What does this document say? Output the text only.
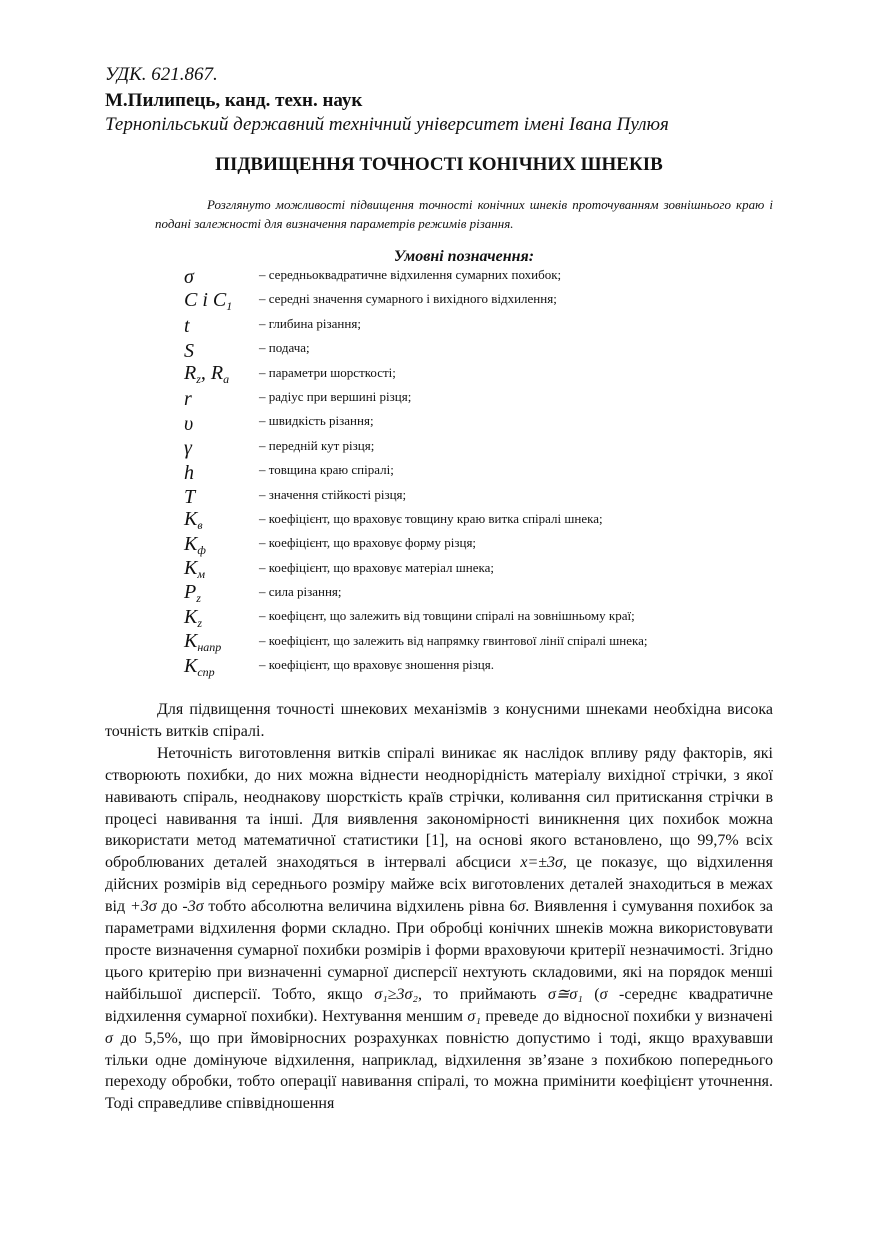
УДК. 621.867.
М.Пилипець, канд. техн. наук
Тернопільський державний технічний університет імені Івана Пулюя
ПІДВИЩЕННЯ ТОЧНОСТІ КОНІЧНИХ ШНЕКІВ
Розглянуто можливості підвищення точності конічних шнеків проточуванням зовнішнього краю і подані залежності для визначення параметрів режимів різання.
Умовні позначення:
σ	– середньоквадратичне відхилення сумарних похибок;
C і $C_1$ – середні значення сумарного і вихідного відхилення;
t	– глибина різання;
S	– подача;
$R_z$, $R_a$ – параметри шорсткості;
r	– радіус при вершині різця;
υ	– швидкість різання;
γ	– передній кут різця;
h	– товщина краю спіралі;
T	– значення стійкості різця;
$K_в$	– коефіцієнт, що враховує товщину краю витка спіралі шнека;
$K_ф$	– коефіцієнт, що враховує форму різця;
$K_м$	– коефіцієнт, що враховує матеріал шнека;
$P_z$	– сила різання;
$K_z$	– коефіцєнт, що залежить від товщини спіралі на зовнішньому краї;
$K_{напр}$	– коефіцієнт, що залежить від напрямку гвинтової лінії спіралі шнека;
$K_{спр}$	– коефіцієнт, що враховує зношення різця.

Для підвищення точності шнекових механізмів з конусними шнеками необхідна висока точність витків спіралі.

Неточність виготовлення витків спіралі виникає як наслідок впливу ряду факторів, які створюють похибки, до них можна віднести неоднорідність матеріалу вихідної стрічки, з якої навивають спіраль, неоднакову шорсткість країв стрічки, коливання сил притискання стрічки в процесі навивання та інші. Для виявлення закономірності виникнення цих похибок можна використати метод математичної статистики [1], на основі якого встановлено, що 99,7% всіх оброблюваних деталей знаходяться в інтервалі абсциси x=±3σ, це показує, що відхилення дійсних розмірів від середнього розміру майже всіх виготовлених деталей знаходиться в межах від +3σ до -3σ тобто абсолютна величина відхилень рівна 6σ. Виявлення і сумування похибок за параметрами відхилення форми складно. При обробці конічних шнеків можна використовувати просте визначення сумарної похибки розмірів і форми враховуючи критерії незначимості. Згідно цього критерію при визначенні сумарної дисперсії нехтують складовими, які на порядок менші найбільшої дисперсії. Тобто, якщо σ₁≥3σ₂, то приймають σ≅σ₁ (σ -середнє квадратичне відхилення сумарної похибки). Нехтування меншим σ₁ преведе до відносної похибки у визначені σ до 5,5%, що при ймовірносних розрахунках повністю допустимо і тоді, якщо врахувавши тільки одне домінуюче відхилення, наприклад, відхилення зв’язане з похибкою попереднього переходу обробки, тобто операції навивання спіралі, то можна примінити коефіцієнт уточнення. Тоді справедливе співвідношення
